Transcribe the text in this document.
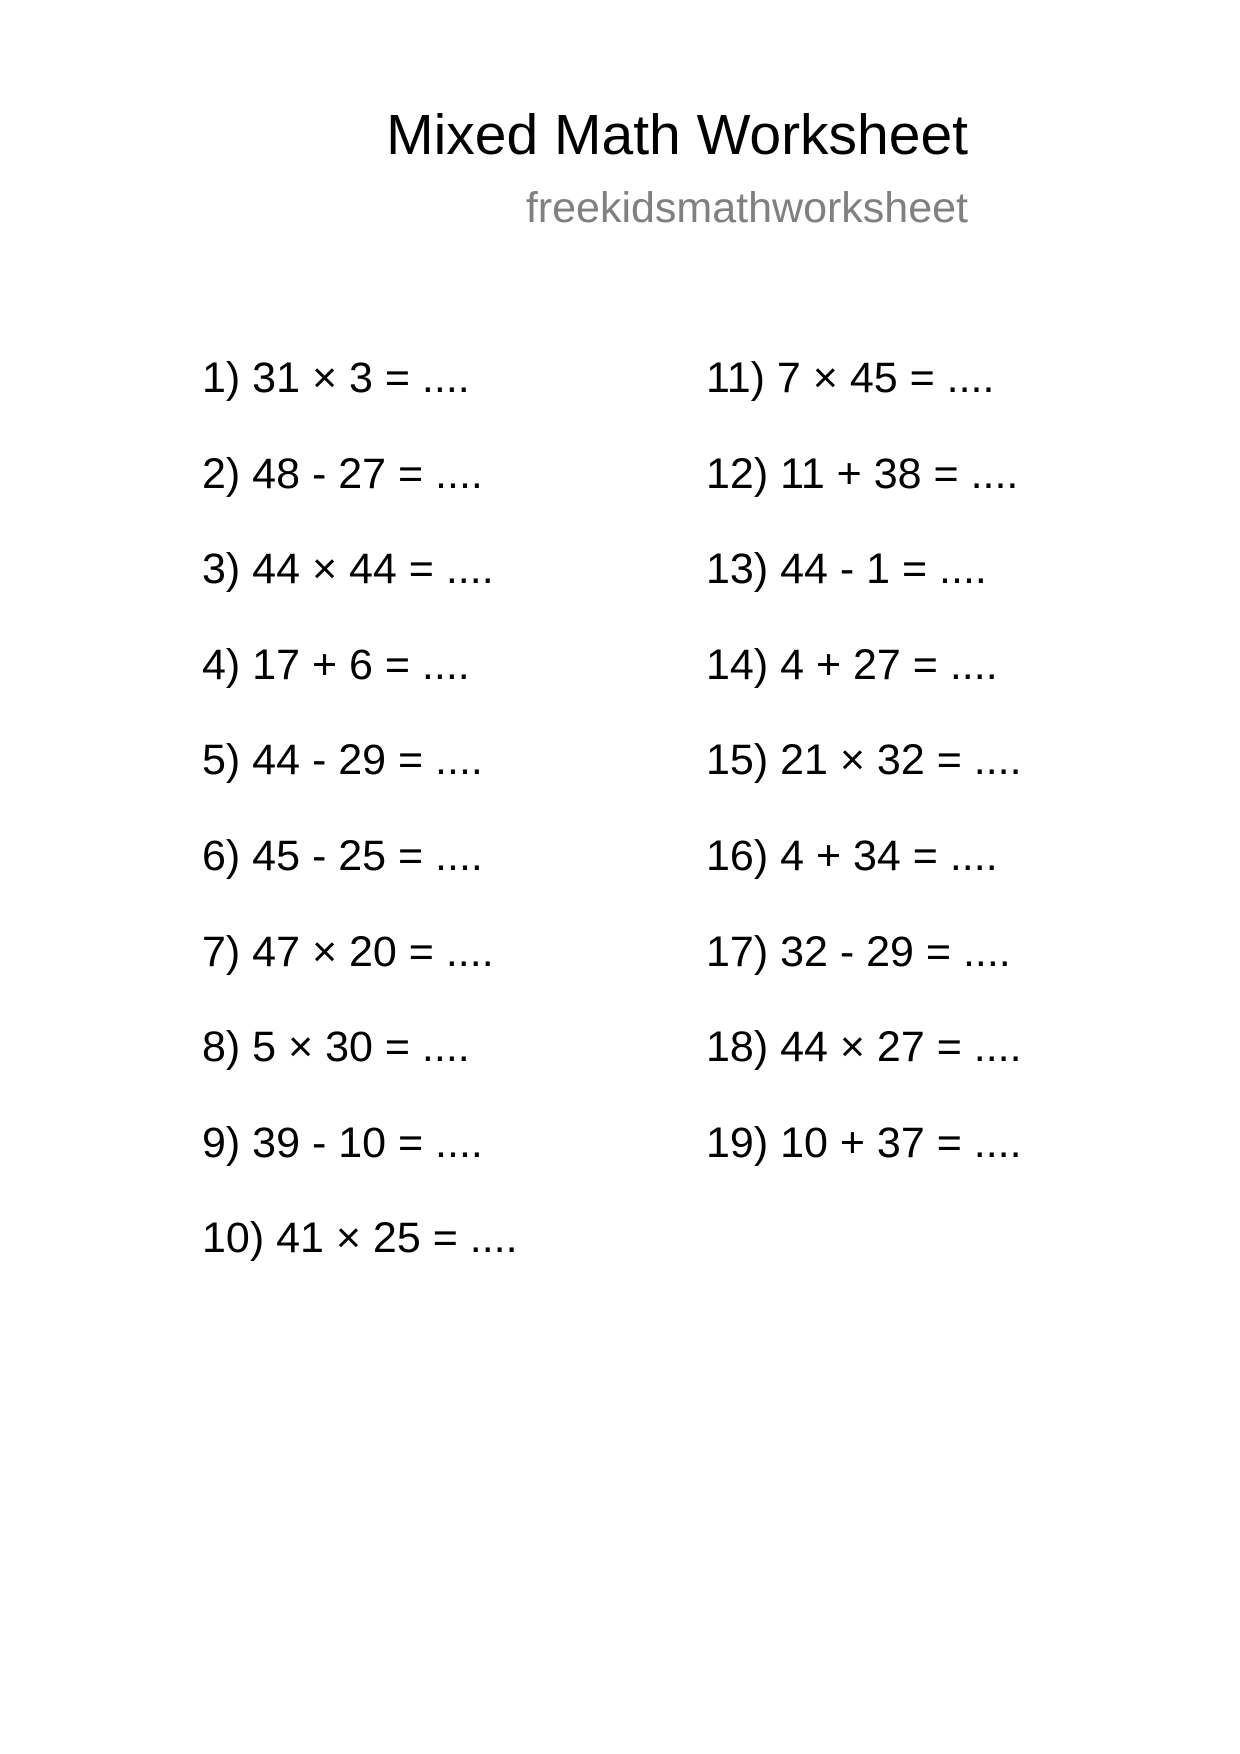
Mixed Math Worksheet
freekidsmathworksheet
1) 31 × 3 = ....
2) 48 - 27 = ....
3) 44 × 44 = ....
4) 17 + 6 = ....
5) 44 - 29 = ....
6) 45 - 25 = ....
7) 47 × 20 = ....
8) 5 × 30 = ....
9) 39 - 10 = ....
10) 41 × 25 = ....
11) 7 × 45 = ....
12) 11 + 38 = ....
13) 44 - 1 = ....
14) 4 + 27 = ....
15) 21 × 32 = ....
16) 4 + 34 = ....
17) 32 - 29 = ....
18) 44 × 27 = ....
19) 10 + 37 = ....
